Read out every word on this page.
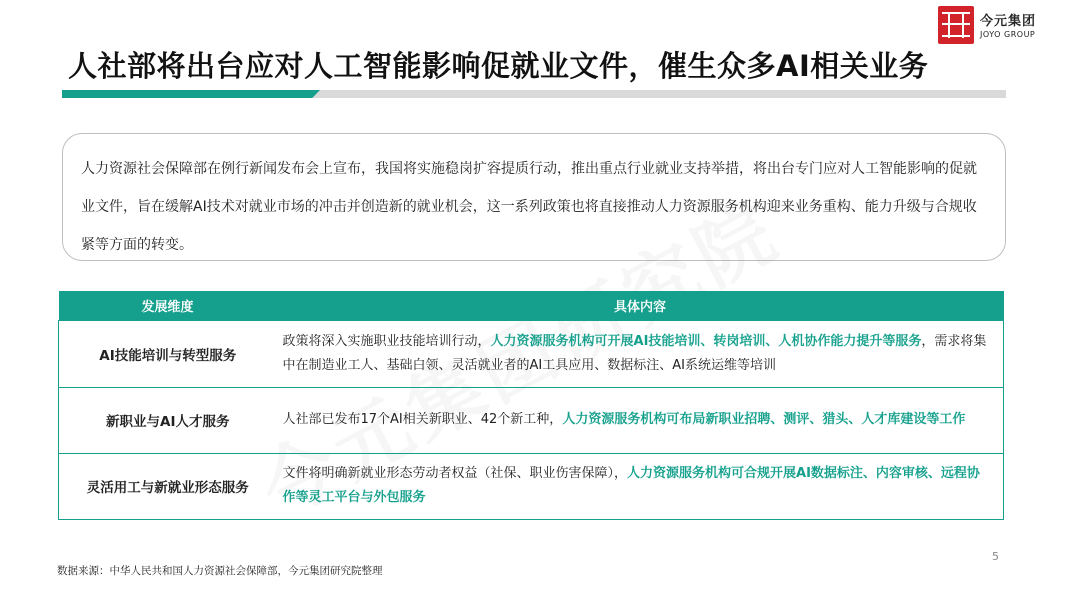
今元集团
JOYO GROUP
人社部将出台应对人工智能影响促就业文件，催生众多AI相关业务

人力资源社会保障部在例行新闻发布会上宣布，我国将实施稳岗扩容提质行动，推出重点行业就业支持举措，将出台专门应对人工智能影响的促就业文件，旨在缓解AI技术对就业市场的冲击并创造新的就业机会，这一系列政策也将直接推动人力资源服务机构迎来业务重构、能力升级与合规收紧等方面的转变。

发展维度	具体内容
AI技能培训与转型服务	政策将深入实施职业技能培训行动，人力资源服务机构可开展AI技能培训、转岗培训、人机协作能力提升等服务，需求将集中在制造业工人、基础白领、灵活就业者的AI工具应用、数据标注、AI系统运维等培训
新职业与AI人才服务	人社部已发布17个AI相关新职业、42个新工种，人力资源服务机构可布局新职业招聘、测评、猎头、人才库建设等工作
灵活用工与新就业形态服务	文件将明确新就业形态劳动者权益（社保、职业伤害保障），人力资源服务机构可合规开展AI数据标注、内容审核、远程协作等灵工平台与外包服务
5
数据来源：中华人民共和国人力资源社会保障部，今元集团研究院整理
